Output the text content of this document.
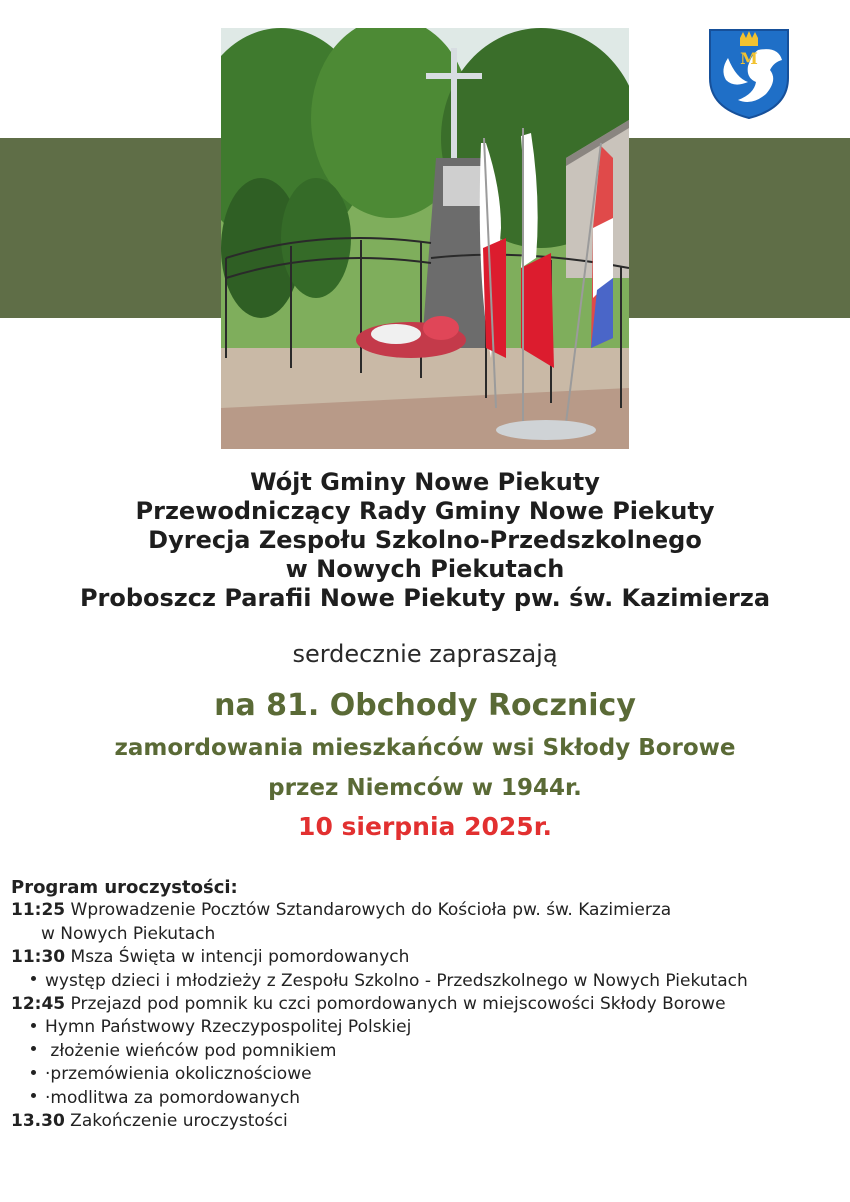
M
Wójt Gminy Nowe Piekuty
Przewodniczący Rady Gminy Nowe Piekuty
Dyrecja Zespołu Szkolno-Przedszkolnego
w Nowych Piekutach
Proboszcz Parafii Nowe Piekuty pw. św. Kazimierza
serdecznie zapraszają
na 81. Obchody Rocznicy
zamordowania mieszkańców wsi Skłody Borowe
przez Niemców w 1944r.
10 sierpnia 2025r.
Program uroczystości:
11:25 Wprowadzenie Pocztów Sztandarowych do Kościoła pw. św. Kazimierza
w Nowych Piekutach
11:30 Msza Święta w intencji pomordowanych
występ dzieci i młodzieży z Zespołu Szkolno - Przedszkolnego w Nowych Piekutach
12:45 Przejazd pod pomnik ku czci pomordowanych w miejscowości Skłody Borowe
Hymn Państwowy Rzeczypospolitej Polskiej
złożenie wieńców pod pomnikiem
·przemówienia okolicznościowe
·modlitwa za pomordowanych
13.30 Zakończenie uroczystości
